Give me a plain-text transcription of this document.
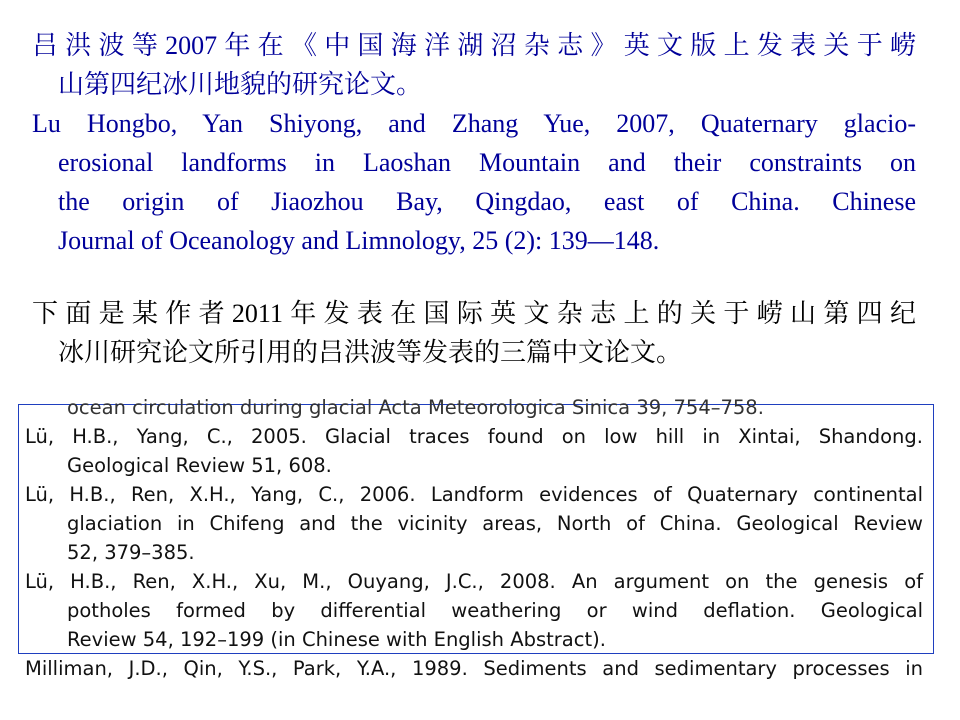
吕洪波等2007年在《中国海洋湖沼杂志》英文版上发表关于崂
山第四纪冰川地貌的研究论文。
Lu Hongbo, Yan Shiyong, and Zhang Yue, 2007, Quaternary glacio-
erosional landforms in Laoshan Mountain and their constraints on
the origin of Jiaozhou Bay, Qingdao, east of China. Chinese
Journal of Oceanology and Limnology, 25 (2): 139—148.
下面是某作者2011年发表在国际英文杂志上的关于崂山第四纪
冰川研究论文所引用的吕洪波等发表的三篇中文论文。
ocean circulation during glacial Acta Meteorologica Sinica 39, 754–758.
Lü, H.B., Yang, C., 2005. Glacial traces found on low hill in Xintai, Shandong.
Geological Review 51, 608.
Lü, H.B., Ren, X.H., Yang, C., 2006. Landform evidences of Quaternary continental
glaciation in Chifeng and the vicinity areas, North of China. Geological Review
52, 379–385.
Lü, H.B., Ren, X.H., Xu, M., Ouyang, J.C., 2008. An argument on the genesis of
potholes formed by differential weathering or wind deflation. Geological
Review 54, 192–199 (in Chinese with English Abstract).
Milliman, J.D., Qin, Y.S., Park, Y.A., 1989. Sediments and sedimentary processes in
